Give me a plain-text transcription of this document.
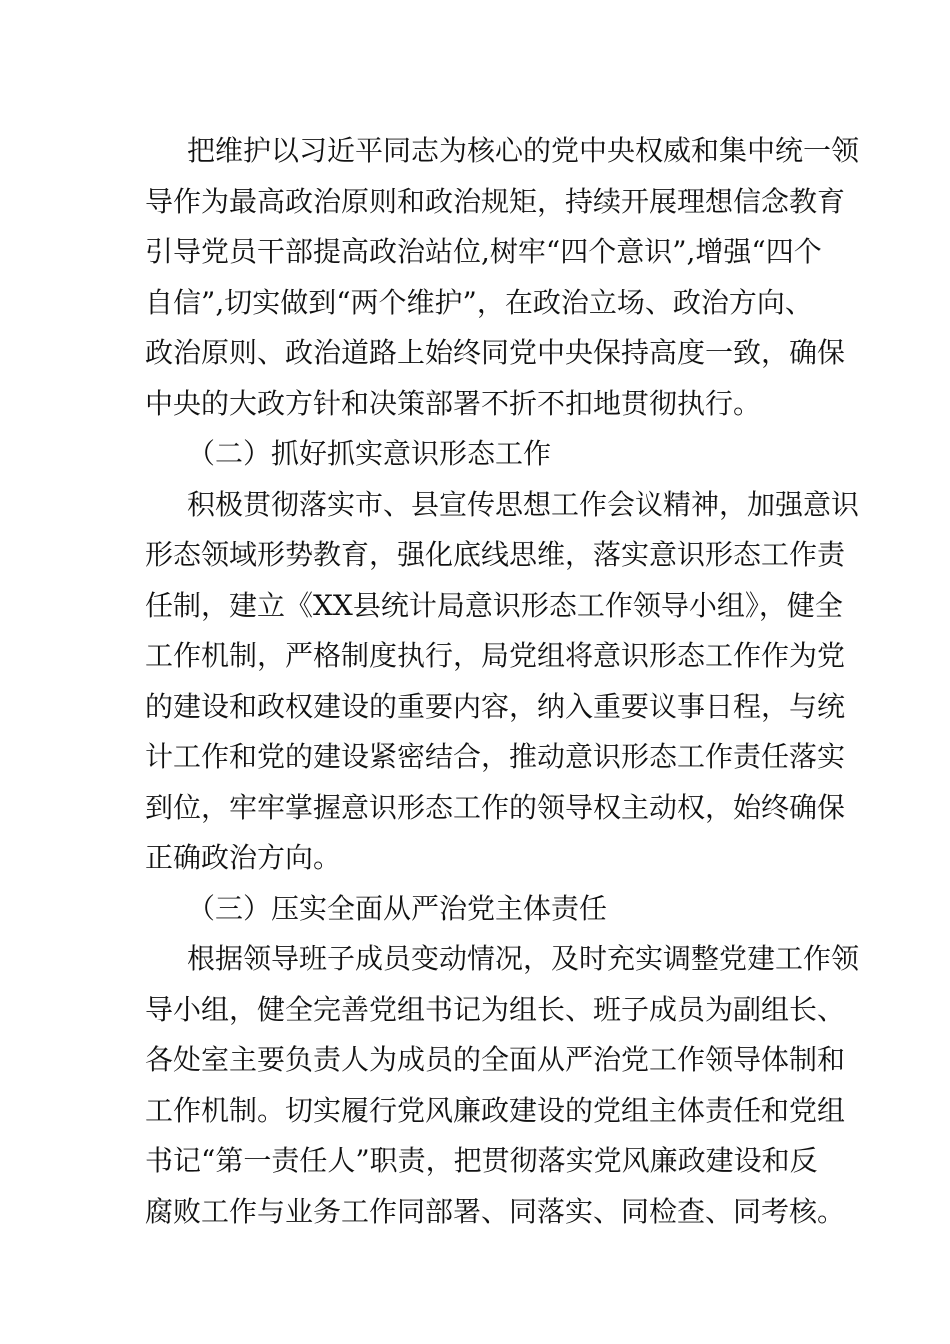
把维护以习近平同志为核心的党中央权威和集中统一领
导作为最高政治原则和政治规矩，持续开展理想信念教育
引导党员干部提高政治站位,树牢“四个意识”,增强“四个
自信”,切实做到“两个维护”，在政治立场、政治方向、
政治原则、政治道路上始终同党中央保持高度一致，确保
中央的大政方针和决策部署不折不扣地贯彻执行。
（二）抓好抓实意识形态工作
积极贯彻落实市、县宣传思想工作会议精神，加强意识
形态领域形势教育，强化底线思维，落实意识形态工作责
任制，建立《XX县统计局意识形态工作领导小组》，健全
工作机制，严格制度执行，局党组将意识形态工作作为党
的建设和政权建设的重要内容，纳入重要议事日程，与统
计工作和党的建设紧密结合，推动意识形态工作责任落实
到位，牢牢掌握意识形态工作的领导权主动权，始终确保
正确政治方向。
（三）压实全面从严治党主体责任
根据领导班子成员变动情况，及时充实调整党建工作领
导小组，健全完善党组书记为组长、班子成员为副组长、
各处室主要负责人为成员的全面从严治党工作领导体制和
工作机制。切实履行党风廉政建设的党组主体责任和党组
书记“第一责任人”职责，把贯彻落实党风廉政建设和反
腐败工作与业务工作同部署、同落实、同检查、同考核。
